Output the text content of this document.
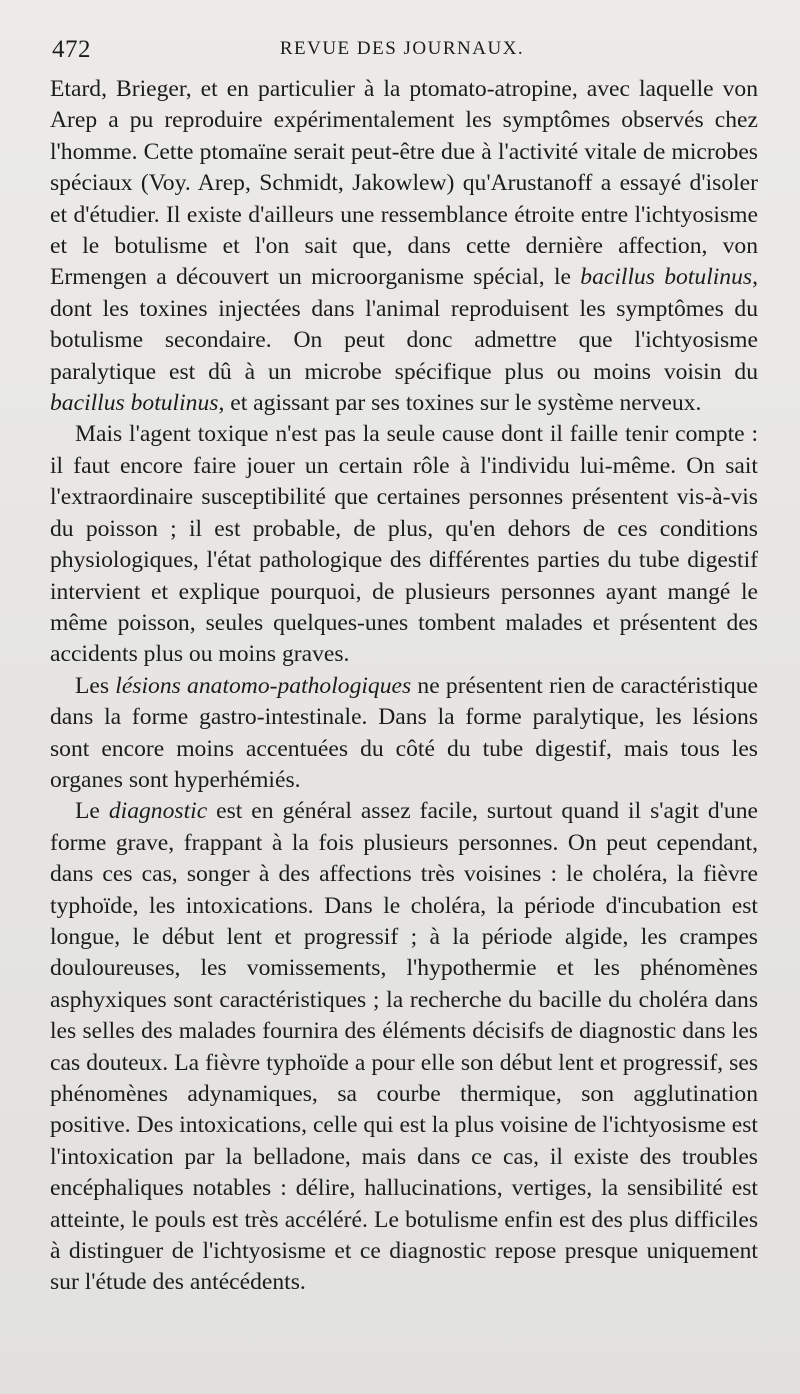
472	REVUE DES JOURNAUX.

Etard, Brieger, et en particulier à la ptomato-atropine, avec laquelle von Arep a pu reproduire expérimentalement les symptômes observés chez l'homme. Cette ptomaïne serait peut-être due à l'activité vitale de microbes spéciaux (Voy. Arep, Schmidt, Jakowlew) qu'Arustanoff a essayé d'isoler et d'étudier. Il existe d'ailleurs une ressemblance étroite entre l'ichtyosisme et le botulisme et l'on sait que, dans cette dernière affection, von Ermengen a découvert un microorganisme spécial, le bacillus botulinus, dont les toxines injectées dans l'animal reproduisent les symptômes du botulisme secondaire. On peut donc admettre que l'ichtyosisme paralytique est dû à un microbe spécifique plus ou moins voisin du bacillus botulinus, et agissant par ses toxines sur le système nerveux.

Mais l'agent toxique n'est pas la seule cause dont il faille tenir compte : il faut encore faire jouer un certain rôle à l'individu lui-même. On sait l'extraordinaire susceptibilité que certaines personnes présentent vis-à-vis du poisson ; il est probable, de plus, qu'en dehors de ces conditions physiologiques, l'état pathologique des différentes parties du tube digestif intervient et explique pourquoi, de plusieurs personnes ayant mangé le même poisson, seules quelques-unes tombent malades et présentent des accidents plus ou moins graves.

Les lésions anatomo-pathologiques ne présentent rien de caractéristique dans la forme gastro-intestinale. Dans la forme paralytique, les lésions sont encore moins accentuées du côté du tube digestif, mais tous les organes sont hyperhémiés.

Le diagnostic est en général assez facile, surtout quand il s'agit d'une forme grave, frappant à la fois plusieurs personnes. On peut cependant, dans ces cas, songer à des affections très voisines : le choléra, la fièvre typhoïde, les intoxications. Dans le choléra, la période d'incubation est longue, le début lent et progressif ; à la période algide, les crampes douloureuses, les vomissements, l'hypothermie et les phénomènes asphyxiques sont caractéristiques ; la recherche du bacille du choléra dans les selles des malades fournira des éléments décisifs de diagnostic dans les cas douteux. La fièvre typhoïde a pour elle son début lent et progressif, ses phénomènes adynamiques, sa courbe thermique, son agglutination positive. Des intoxications, celle qui est la plus voisine de l'ichtyosisme est l'intoxication par la belladone, mais dans ce cas, il existe des troubles encéphaliques notables : délire, hallucinations, vertiges, la sensibilité est atteinte, le pouls est très accéléré. Le botulisme enfin est des plus difficiles à distinguer de l'ichtyosisme et ce diagnostic repose presque uniquement sur l'étude des antécédents.
